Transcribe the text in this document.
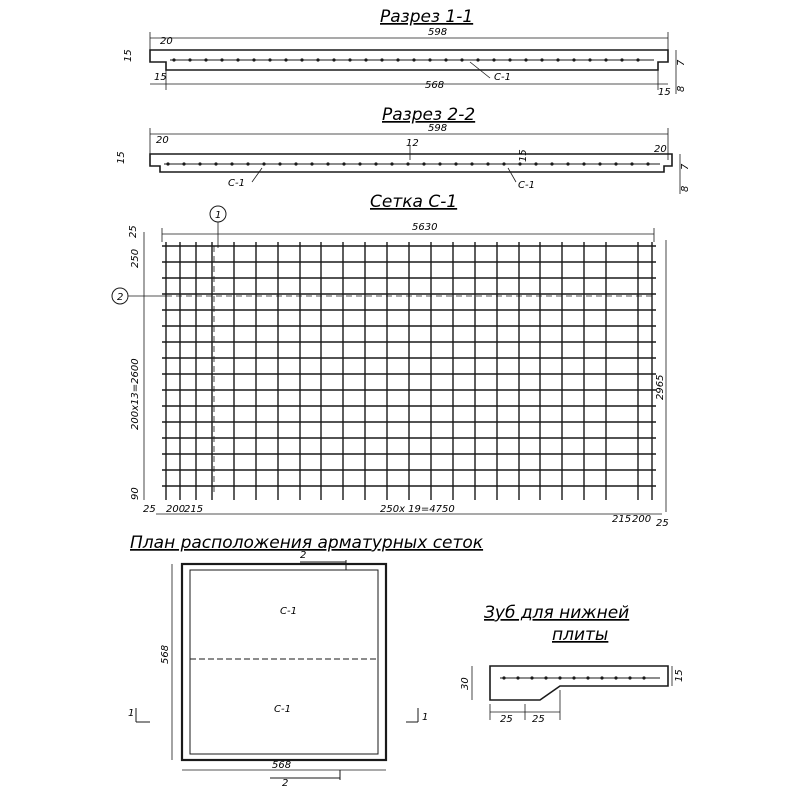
Разрез 1-1
598
20
15
15
568
С-1
15
7
8
Разрез 2-2
598
20
20
15
12
15
С-1	С-1
7
8
Сетка С-1
1
2
5630
25
250
200x13=2600
90
25
2965
200
215	250x 19=4750
215 200 25
План расположения арматурных сеток
2
С-1
С-1
568
568
1	1
2
Зуб для нижней
плиты
30
15
25 25
